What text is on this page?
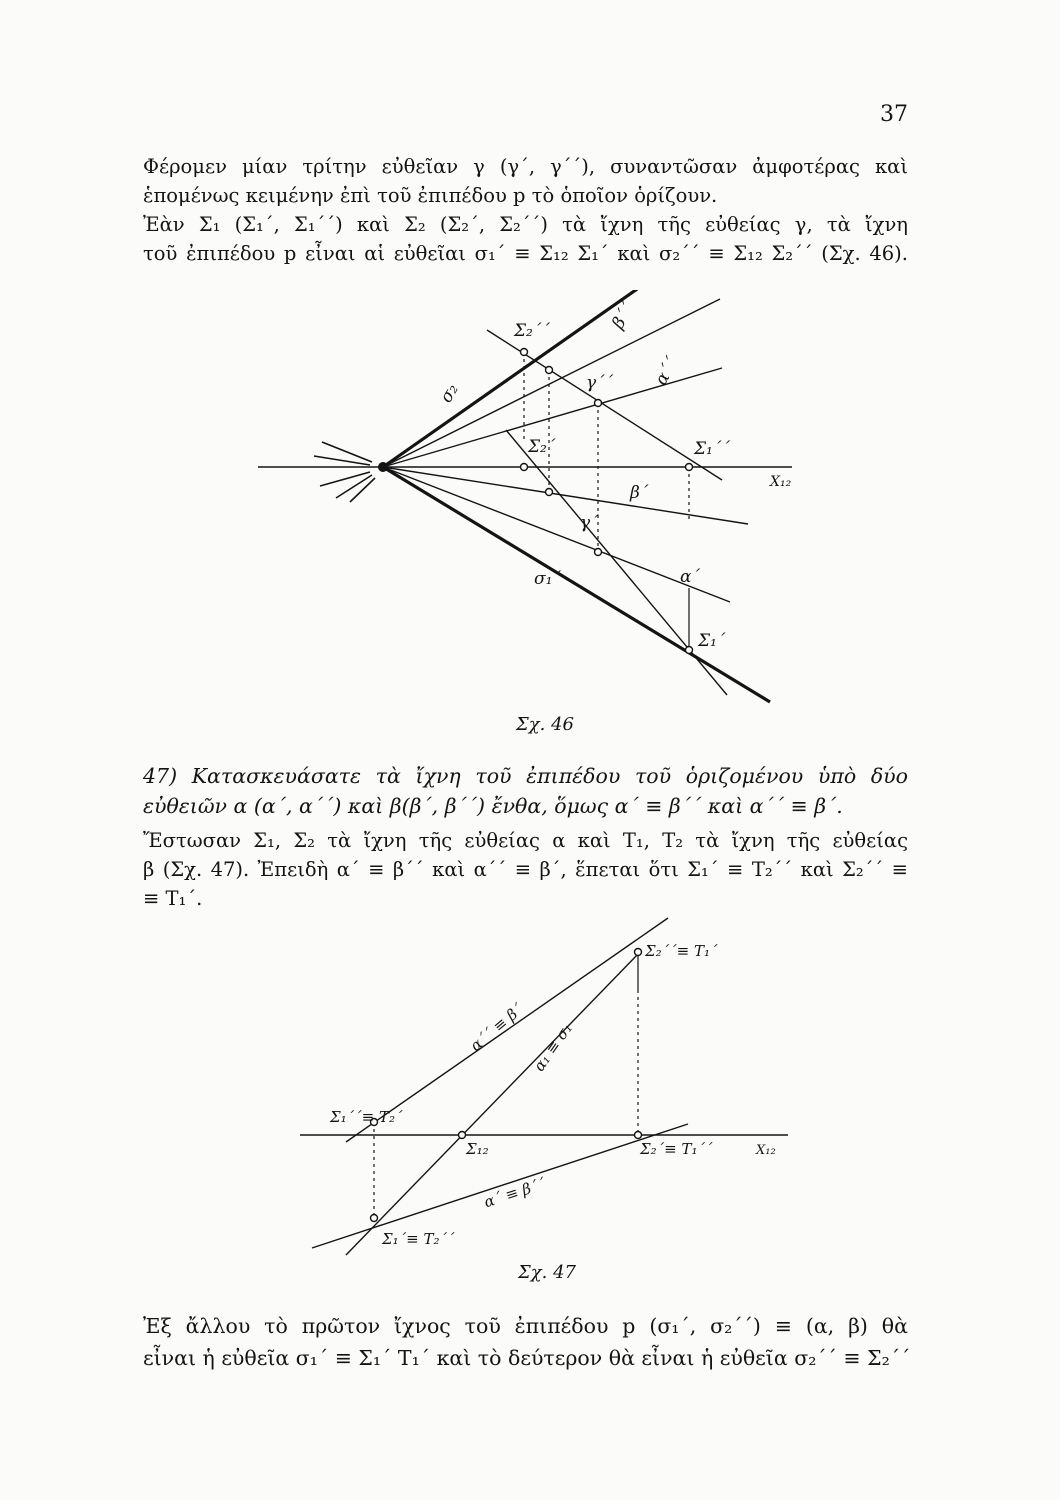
37
Φέρομεν μίαν τρίτην εὐθεῖαν γ (γ΄, γ΄΄), συναντῶσαν ἀμφοτέρας καὶ
ἑπομένως κειμένην ἐπὶ τοῦ ἐπιπέδου p τὸ ὁποῖον ὁρίζουν.
Ἐὰν Σ₁ (Σ₁΄, Σ₁΄΄) καὶ Σ₂ (Σ₂΄, Σ₂΄΄) τὰ ἴχνη τῆς εὐθείας γ, τὰ ἴχνη
τοῦ ἐπιπέδου p εἶναι αἱ εὐθεῖαι σ₁΄ ≡ Σ₁₂ Σ₁΄ καὶ σ₂΄΄ ≡ Σ₁₂ Σ₂΄΄ (Σχ. 46).
Σ₂΄΄	β΄΄
σ₂	γ΄΄ α΄΄
Σ₂΄	Σ₁΄΄
X₁₂
β΄
γ΄
σ₁΄	α΄
Σ₁΄
Σχ. 46
47) Κατασκευάσατε τὰ ἴχνη τοῦ ἐπιπέδου τοῦ ὁριζομένου ὑπὸ δύο
εὐθειῶν α (α΄, α΄΄) καὶ β(β΄, β΄΄) ἔνθα, ὅμως α΄ ≡ β΄΄ καὶ α΄΄ ≡ β΄.
Ἔστωσαν Σ₁, Σ₂ τὰ ἴχνη τῆς εὐθείας α καὶ Τ₁, Τ₂ τὰ ἴχνη τῆς εὐθείας
β (Σχ. 47). Ἐπειδὴ α΄ ≡ β΄΄ καὶ α΄΄ ≡ β΄, ἕπεται ὅτι Σ₁΄ ≡ Τ₂΄΄ καὶ Σ₂΄΄ ≡
≡ Τ₁΄.
Σ₂΄΄≡ Τ₁΄
α΄΄ ≡ β΄ α₁ ≡ σ₁
Σ₁΄΄≡ Τ₂΄
Σ₁₂	Σ₂΄≡ Τ₁΄΄	X₁₂
α΄ ≡ β΄΄
Σ₁΄≡ Τ₂΄΄
Σχ. 47
Ἐξ ἄλλου τὸ πρῶτον ἴχνος τοῦ ἐπιπέδου p (σ₁΄, σ₂΄΄) ≡ (α, β) θὰ
εἶναι ἡ εὐθεῖα σ₁΄ ≡ Σ₁΄ Τ₁΄ καὶ τὸ δεύτερον θὰ εἶναι ἡ εὐθεῖα σ₂΄΄ ≡ Σ₂΄΄
